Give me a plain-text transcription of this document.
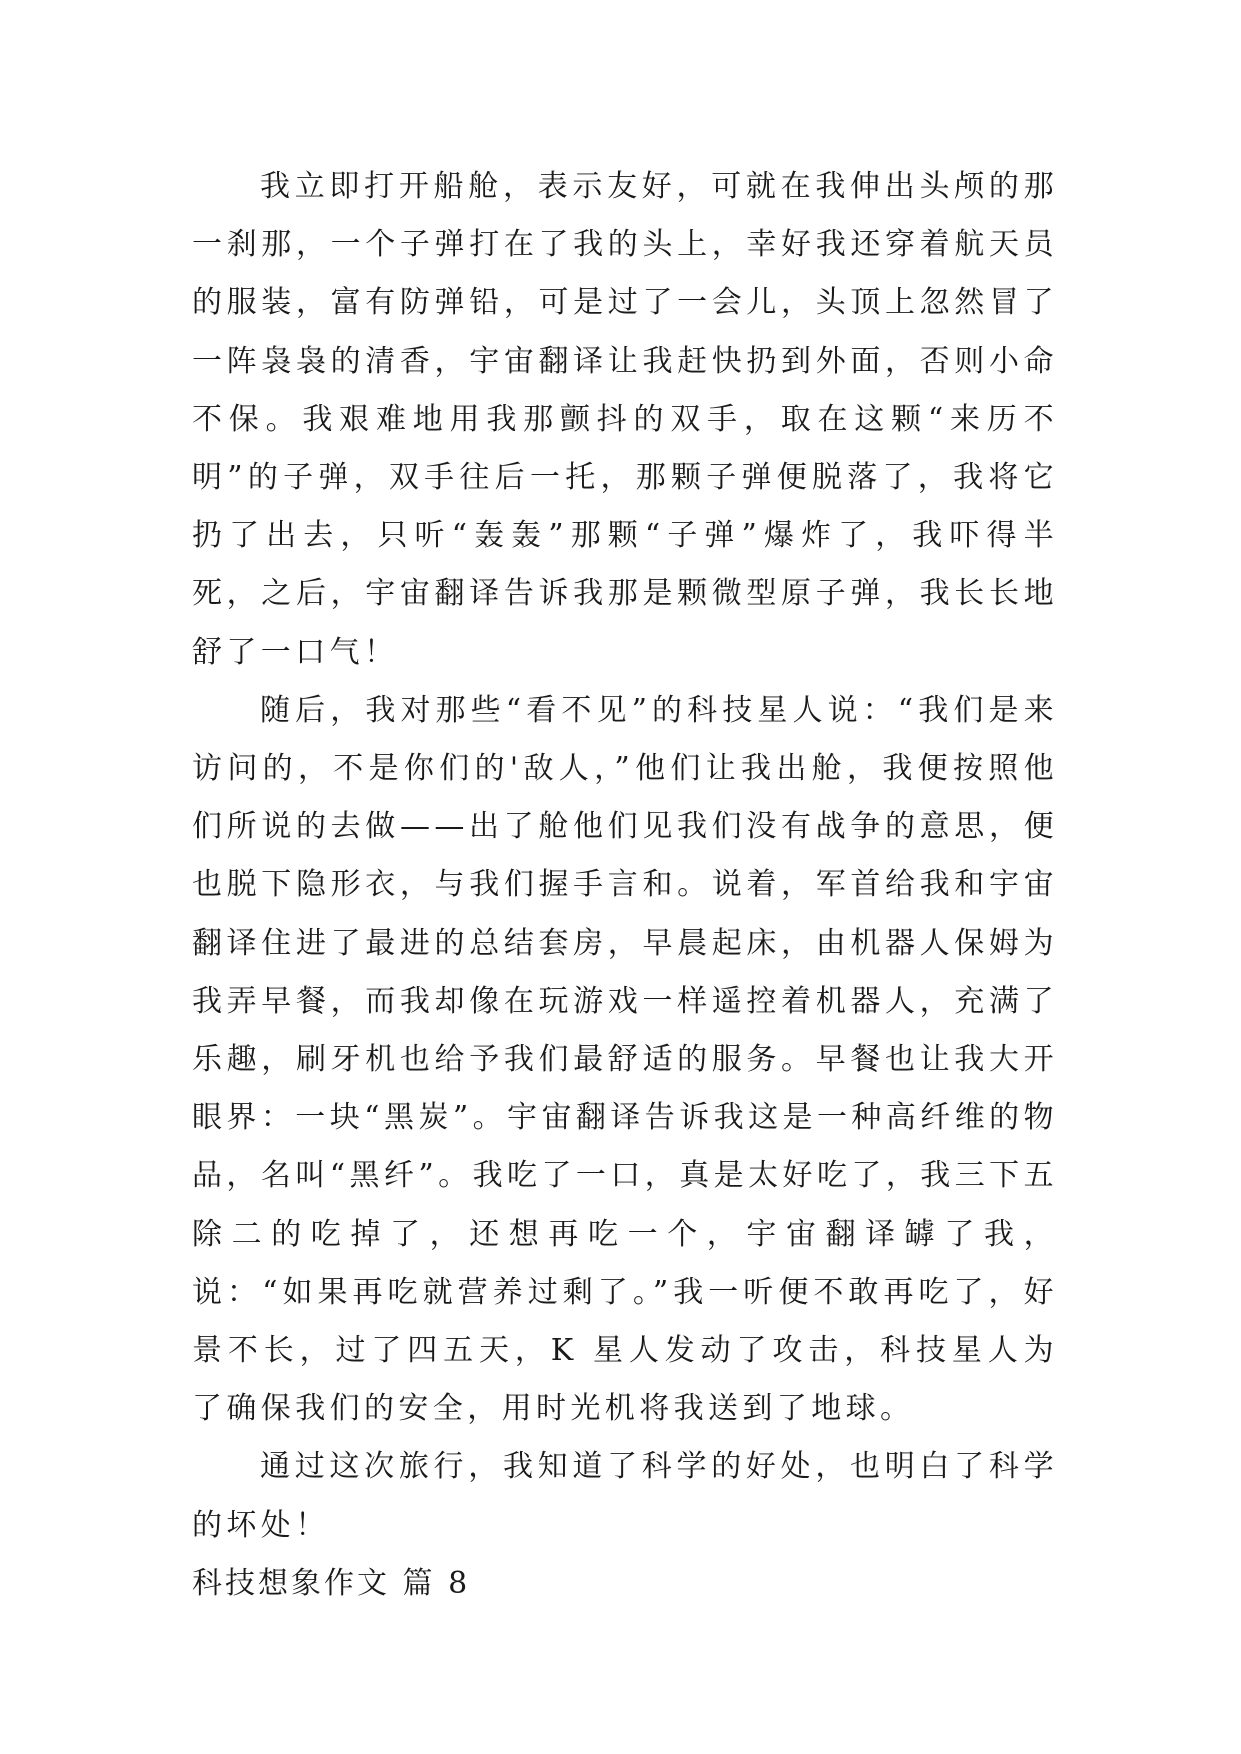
我立即打开船舱，表示友好，可就在我伸出头颅的那一刹那，一个子弹打在了我的头上，幸好我还穿着航天员的服装，富有防弹铅，可是过了一会儿，头顶上忽然冒了一阵袅袅的清香，宇宙翻译让我赶快扔到外面，否则小命不保。我艰难地用我那颤抖的双手，取在这颗“来历不明”的子弹，双手往后一托，那颗子弹便脱落了，我将它扔了出去，只听“轰轰”那颗“子弹”爆炸了，我吓得半死，之后，宇宙翻译告诉我那是颗微型原子弹，我长长地舒了一口气！

随后，我对那些“看不见”的科技星人说：“我们是来访问的，不是你们的'敌人，”他们让我出舱，我便按照他们所说的去做——出了舱他们见我们没有战争的意思，便也脱下隐形衣，与我们握手言和。说着，军首给我和宇宙翻译住进了最进的总结套房，早晨起床，由机器人保姆为我弄早餐，而我却像在玩游戏一样遥控着机器人，充满了乐趣，刷牙机也给予我们最舒适的服务。早餐也让我大开眼界：一块“黑炭”。宇宙翻译告诉我这是一种高纤维的物品，名叫“黑纤”。我吃了一口，真是太好吃了，我三下五除二的吃掉了，还想再吃一个，宇宙翻译罅了我，说：“如果再吃就营养过剩了。”我一听便不敢再吃了，好景不长，过了四五天，K 星人发动了攻击，科技星人为了确保我们的安全，用时光机将我送到了地球。

通过这次旅行，我知道了科学的好处，也明白了科学的坏处！

科技想象作文 篇 8
